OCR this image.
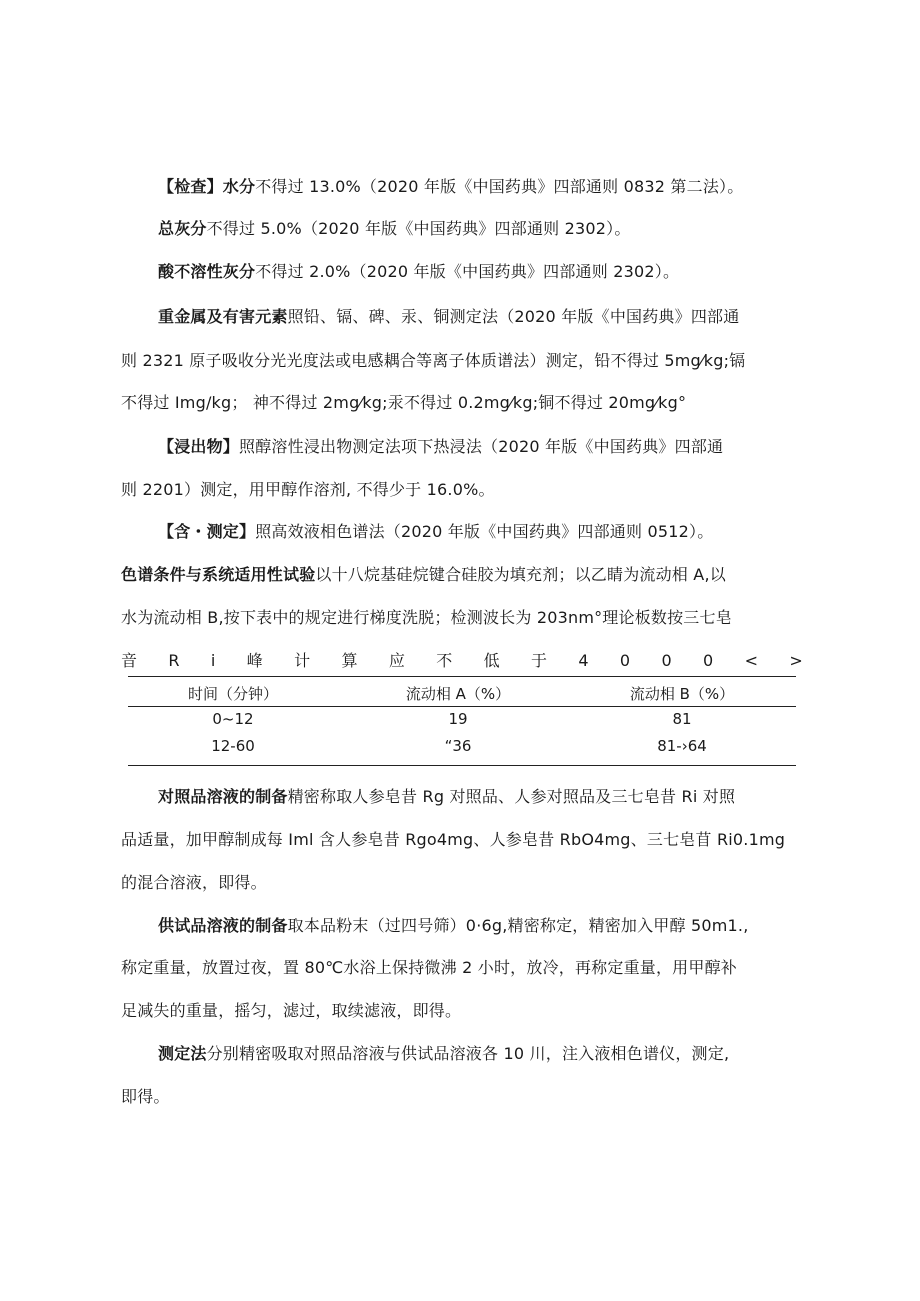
【检查】水分不得过 13.0%（2020 年版《中国药典》四部通则 0832 第二法）。
总灰分不得过 5.0%（2020 年版《中国药典》四部通则 2302）。
酸不溶性灰分不得过 2.0%（2020 年版《中国药典》四部通则 2302）。
重金属及有害元素照铅、镉、碑、汞、铜测定法（2020 年版《中国药典》四部通
则 2321 原子吸收分光光度法或电感耦合等离子体质谱法）测定，铅不得过 5mg⁄kg;镉
不得过 Img/kg； 神不得过 2mg⁄kg;汞不得过 0.2mg⁄kg;铜不得过 20mg⁄kg°
【浸出物】照醇溶性浸出物测定法项下热浸法（2020 年版《中国药典》四部通
则 2201）测定，用甲醇作溶剂, 不得少于 16.0%。
【含・测定】照高效液相色谱法（2020 年版《中国药典》四部通则 0512）。
色谱条件与系统适用性试验以十八烷基硅烷键合硅胶为填充剂；以乙睛为流动相 A,以
水为流动相 B,按下表中的规定进行梯度洗脱；检测波长为 203nm°理论板数按三七皂
音 R i 峰 计 算 应 不 低 于 4 0 0 0 < >
时间（分钟）	流动相 A（%）	流动相 B（%）
0~12	19	81
12-60	“36	81-›64
对照品溶液的制备精密称取人参皂昔 Rg 对照品、人参对照品及三七皂昔 Ri 对照
品适量，加甲醇制成每 Iml 含人参皂昔 Rgo4mg、人参皂昔 RbO4mg、三七皂苜 Ri0.1mg
的混合溶液，即得。
供试品溶液的制备取本品粉末（过四号筛）0·6g,精密称定，精密加入甲醇 50m1.,
称定重量，放置过夜，置 80℃水浴上保持微沸 2 小时，放冷，再称定重量，用甲醇补
足减失的重量，摇匀，滤过，取续滤液，即得。
测定法分别精密吸取对照品溶液与供试品溶液各 10 川，注入液相色谱仪，测定,
即得。
